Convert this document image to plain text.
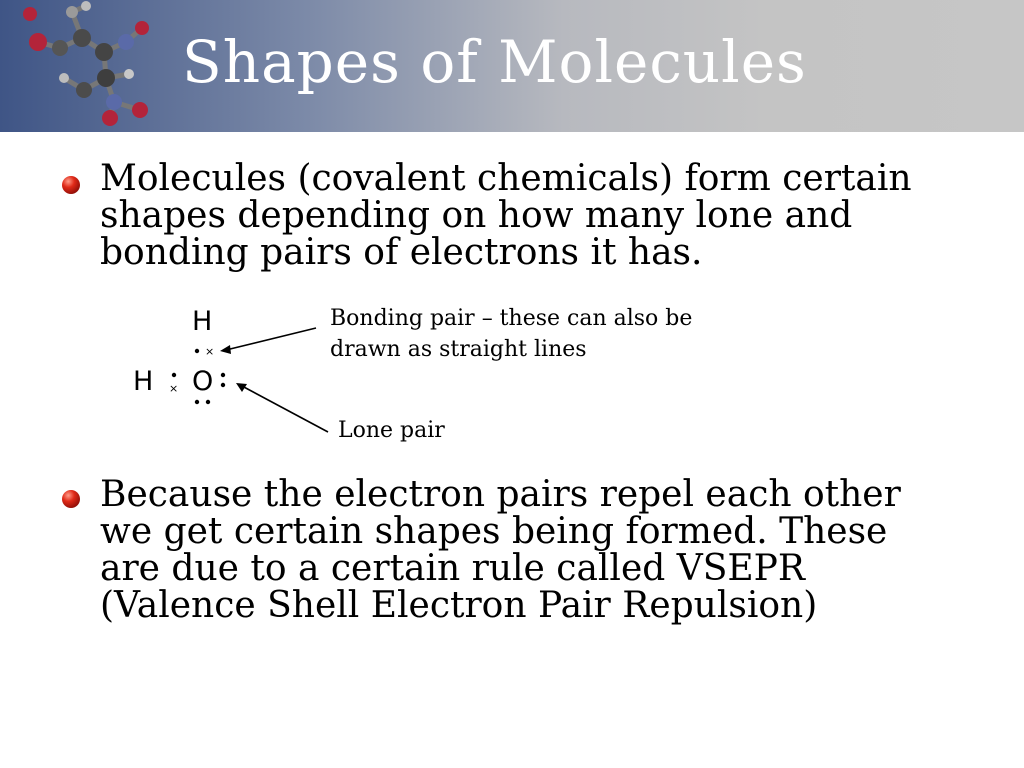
Shapes of Molecules
Molecules (covalent chemicals) form certain
shapes depending on how many lone and
bonding pairs of electrons it has.
H
H O
×
×
Bonding pair – these can also be
drawn as straight lines
Lone pair
Because the electron pairs repel each other
we get certain shapes being formed. These
are due to a certain rule called VSEPR
(Valence Shell Electron Pair Repulsion)
